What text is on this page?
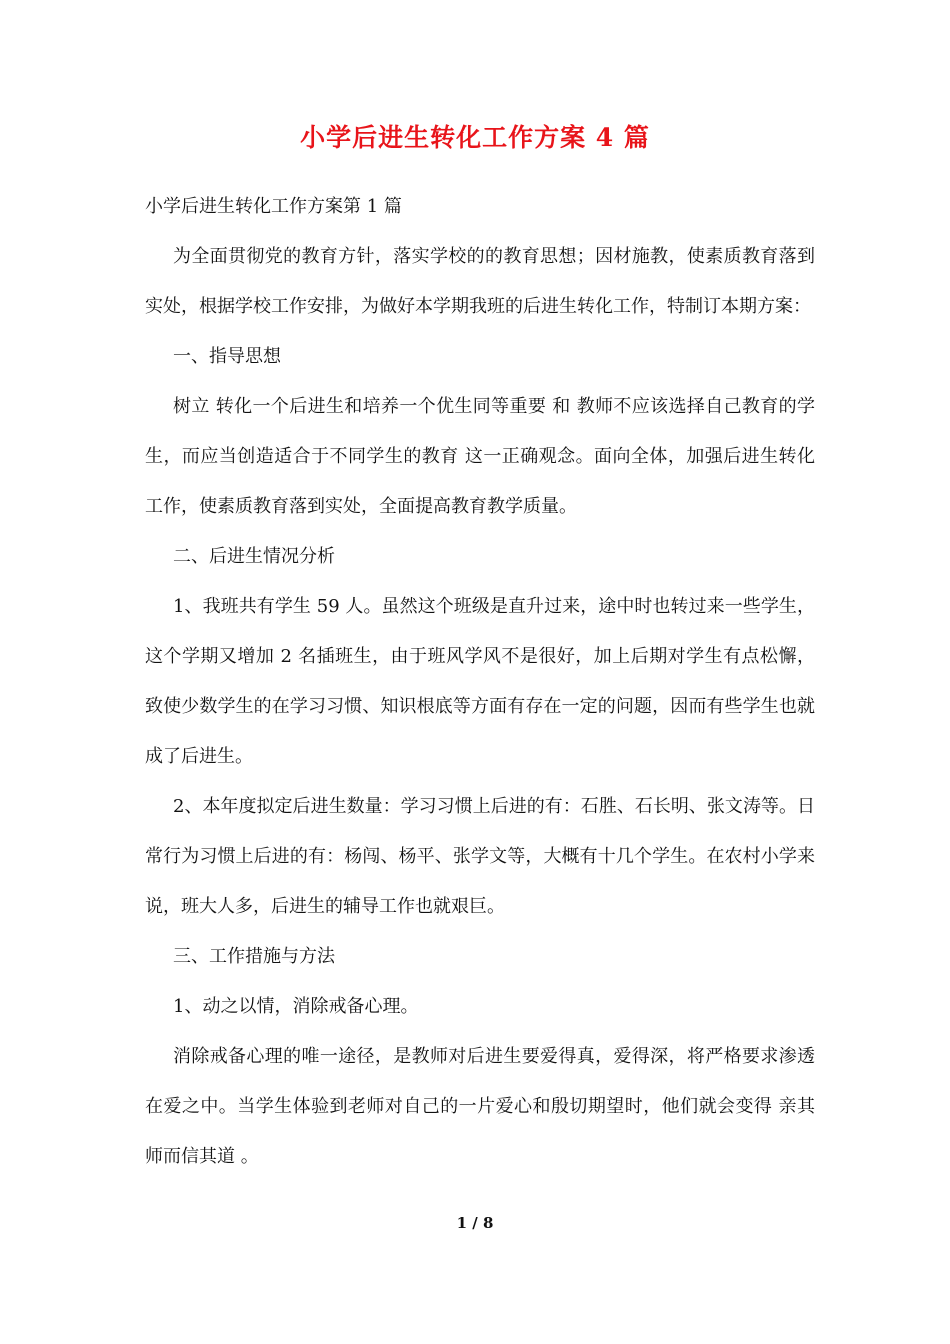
小学后进生转化工作方案 4 篇

小学后进生转化工作方案第 1 篇

为全面贯彻党的教育方针，落实学校的的教育思想；因材施教，使素质教育落到实处，根据学校工作安排，为做好本学期我班的后进生转化工作，特制订本期方案：

一、指导思想

树立 转化一个后进生和培养一个优生同等重要 和 教师不应该选择自己教育的学生，而应当创造适合于不同学生的教育 这一正确观念。面向全体，加强后进生转化工作，使素质教育落到实处，全面提高教育教学质量。

二、后进生情况分析

1、我班共有学生 59 人。虽然这个班级是直升过来，途中时也转过来一些学生，这个学期又增加 2 名插班生，由于班风学风不是很好，加上后期对学生有点松懈，致使少数学生的在学习习惯、知识根底等方面有存在一定的问题，因而有些学生也就成了后进生。

2、本年度拟定后进生数量：学习习惯上后进的有：石胜、石长明、张文涛等。日常行为习惯上后进的有：杨闯、杨平、张学文等，大概有十几个学生。在农村小学来说，班大人多，后进生的辅导工作也就艰巨。

三、工作措施与方法

1、动之以情，消除戒备心理。

消除戒备心理的唯一途径，是教师对后进生要爱得真，爱得深，将严格要求渗透在爱之中。当学生体验到老师对自己的一片爱心和殷切期望时，他们就会变得 亲其师而信其道 。

1 / 8
